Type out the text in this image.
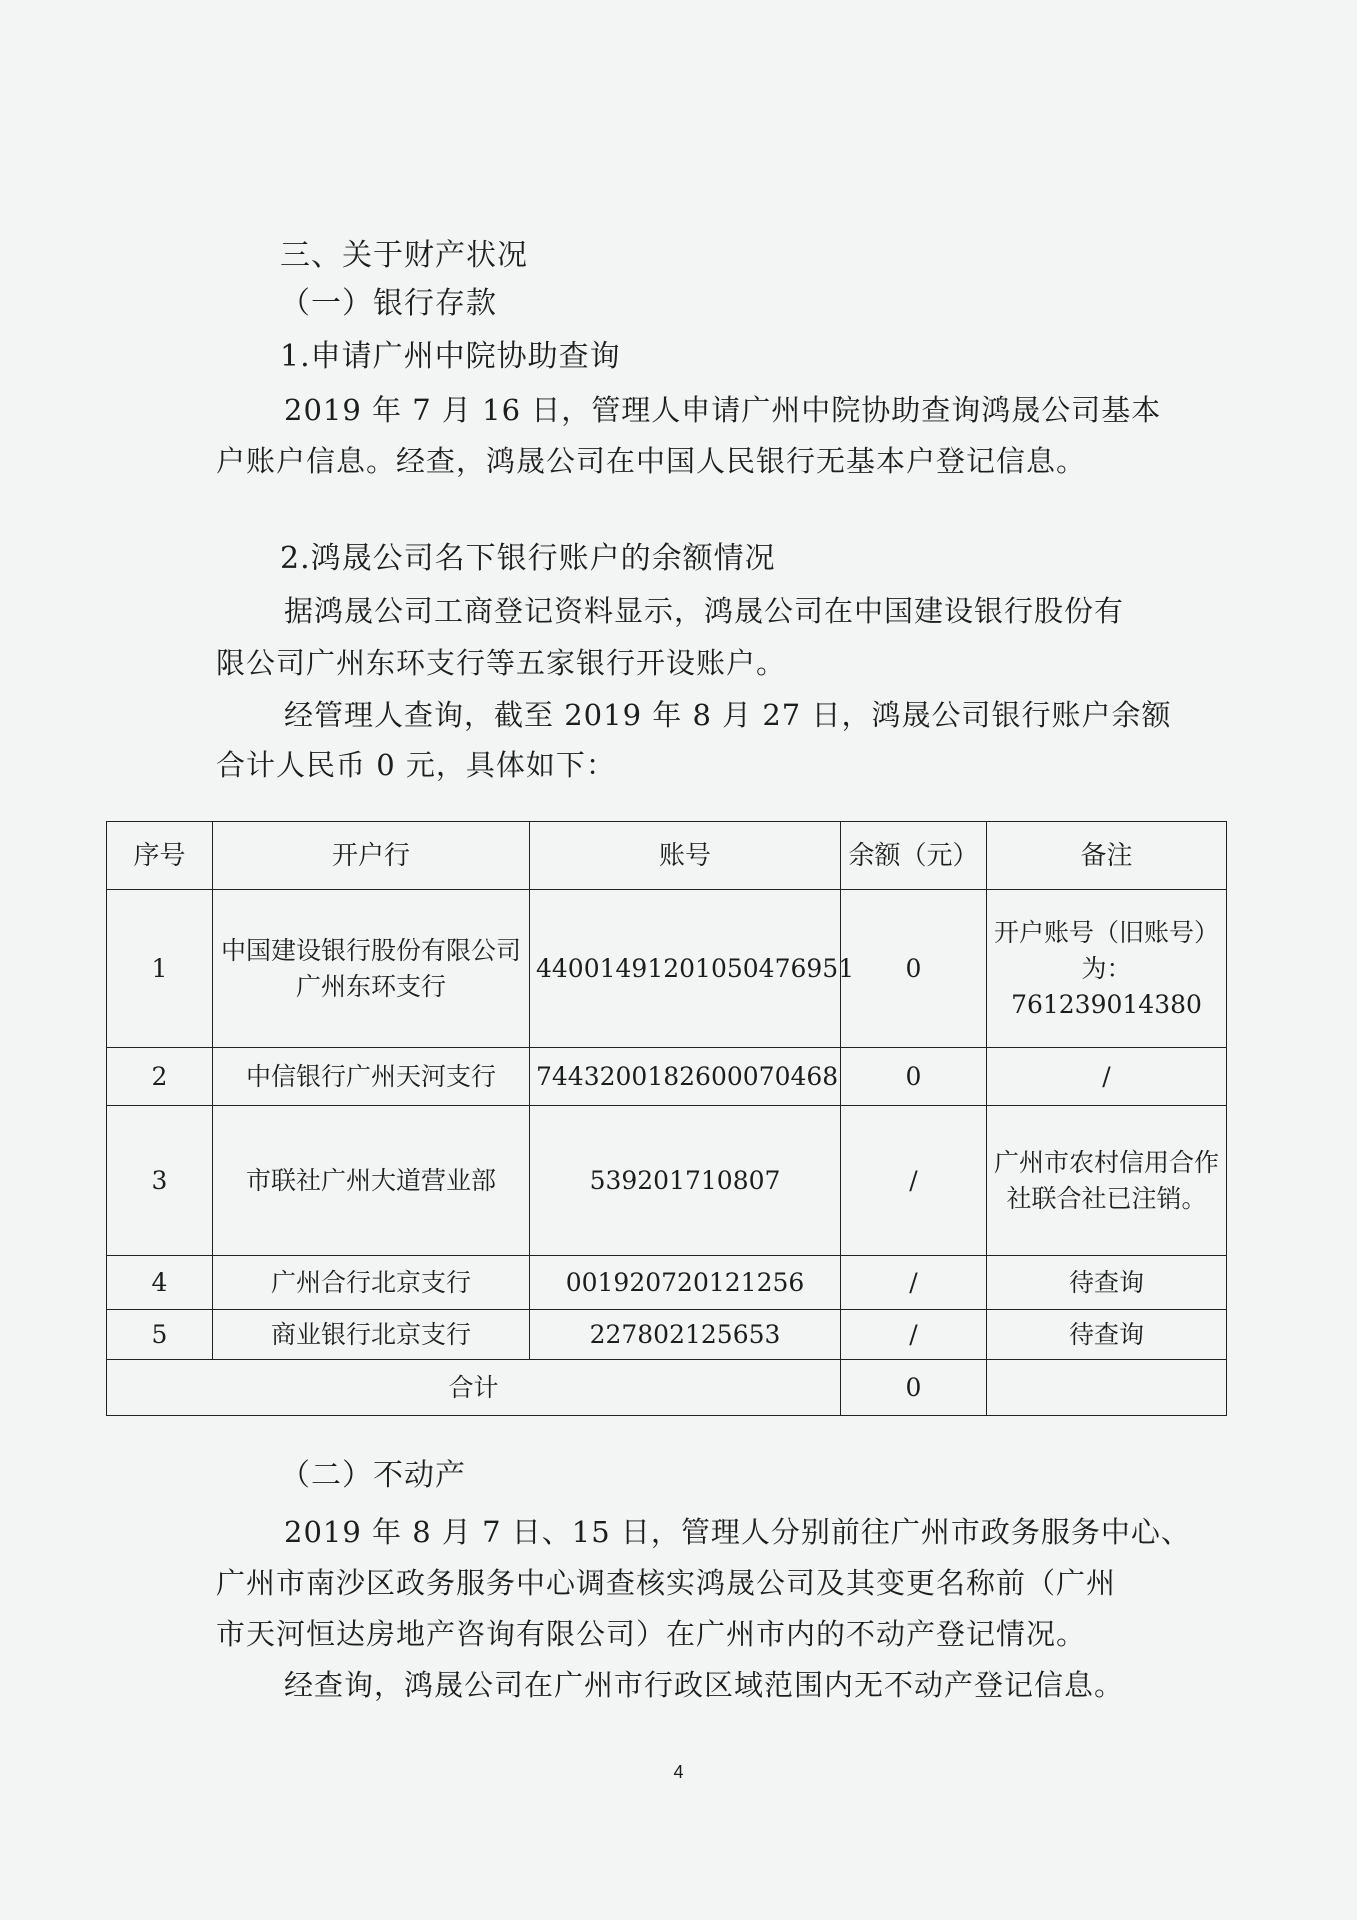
三、关于财产状况
（一）银行存款
1.申请广州中院协助查询
2019 年 7 月 16 日，管理人申请广州中院协助查询鸿晟公司基本
户账户信息。经查，鸿晟公司在中国人民银行无基本户登记信息。
2.鸿晟公司名下银行账户的余额情况
据鸿晟公司工商登记资料显示，鸿晟公司在中国建设银行股份有
限公司广州东环支行等五家银行开设账户。
经管理人查询，截至 2019 年 8 月 27 日，鸿晟公司银行账户余额
合计人民币 0 元，具体如下：
序号	开户行	账号	余额（元）	备注
1	中国建设银行股份有限公司广州东环支行	44001491201050476951	0	开户账号（旧账号）为：761239014380
2	中信银行广州天河支行	7443200182600070468	0	/
3	市联社广州大道营业部	539201710807	/	广州市农村信用合作社联合社已注销。
4	广州合行北京支行	001920720121256	/	待查询
5	商业银行北京支行	227802125653	/	待查询
合计			0	
（二）不动产
2019 年 8 月 7 日、15 日，管理人分别前往广州市政务服务中心、
广州市南沙区政务服务中心调查核实鸿晟公司及其变更名称前（广州
市天河恒达房地产咨询有限公司）在广州市内的不动产登记情况。
经查询，鸿晟公司在广州市行政区域范围内无不动产登记信息。
4
